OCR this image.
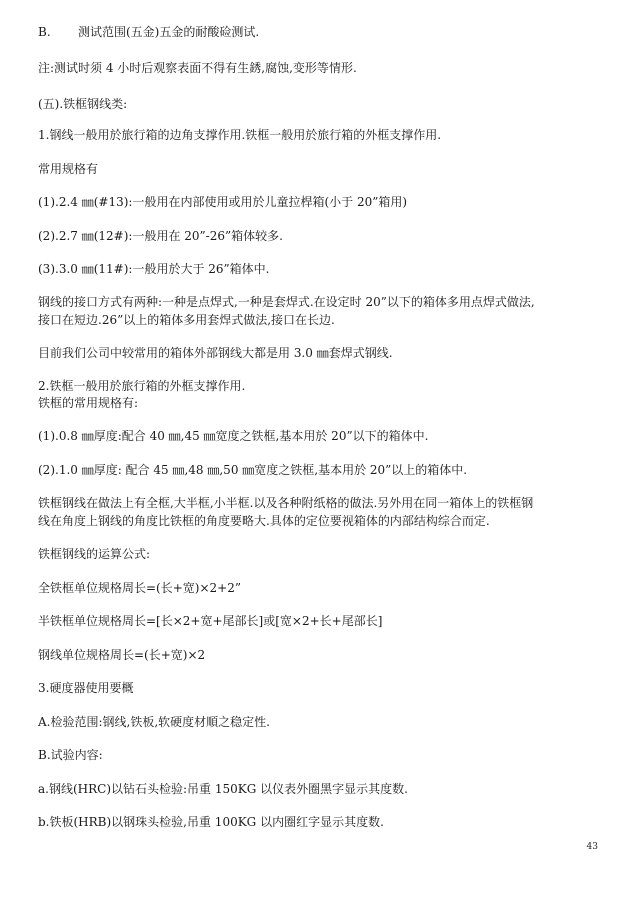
B. 测试范围(五金)五金的耐酸硷测试.
注:测试时须 4 小时后观察表面不得有生銹,腐蚀,变形等情形.
(五).铁框钢线类:
1.钢线一般用於旅行箱的边角支撑作用.铁框一般用於旅行箱的外框支撑作用.
常用规格有
(1).2.4 ㎜(#13):一般用在内部使用或用於儿童拉桿箱(小于 20”箱用)
(2).2.7 ㎜(12#):一般用在 20”-26”箱体较多.
(3).3.0 ㎜(11#):一般用於大于 26”箱体中.
钢线的接口方式有两种:一种是点焊式,一种是套焊式.在设定时 20”以下的箱体多用点焊式做法,
接口在短边.26”以上的箱体多用套焊式做法,接口在长边.
目前我们公司中较常用的箱体外部钢线大都是用 3.0 ㎜套焊式钢线.
2.铁框一般用於旅行箱的外框支撑作用.
铁框的常用规格有:
(1).0.8 ㎜厚度:配合 40 ㎜,45 ㎜宽度之铁框,基本用於 20”以下的箱体中.
(2).1.0 ㎜厚度: 配合 45 ㎜,48 ㎜,50 ㎜宽度之铁框,基本用於 20”以上的箱体中.
铁框钢线在做法上有全框,大半框,小半框.以及各种附纸格的做法.另外用在同一箱体上的铁框钢
线在角度上钢线的角度比铁框的角度要略大.具体的定位要视箱体的内部结构综合而定.
铁框钢线的运算公式:
全铁框单位规格周长=(长+宽)×2+2”
半铁框单位规格周长=[长×2+宽+尾部长]或[宽×2+长+尾部长]
钢线单位规格周长=(长+宽)×2
3.硬度器使用要概
A.检验范围:钢线,铁板,软硬度材順之稳定性.
B.试验内容:
a.钢线(HRC)以钻石头检验:吊重 150KG 以仪表外圈黑字显示其度数.
b.铁板(HRB)以钢珠头检验,吊重 100KG 以内圈红字显示其度数.
43
